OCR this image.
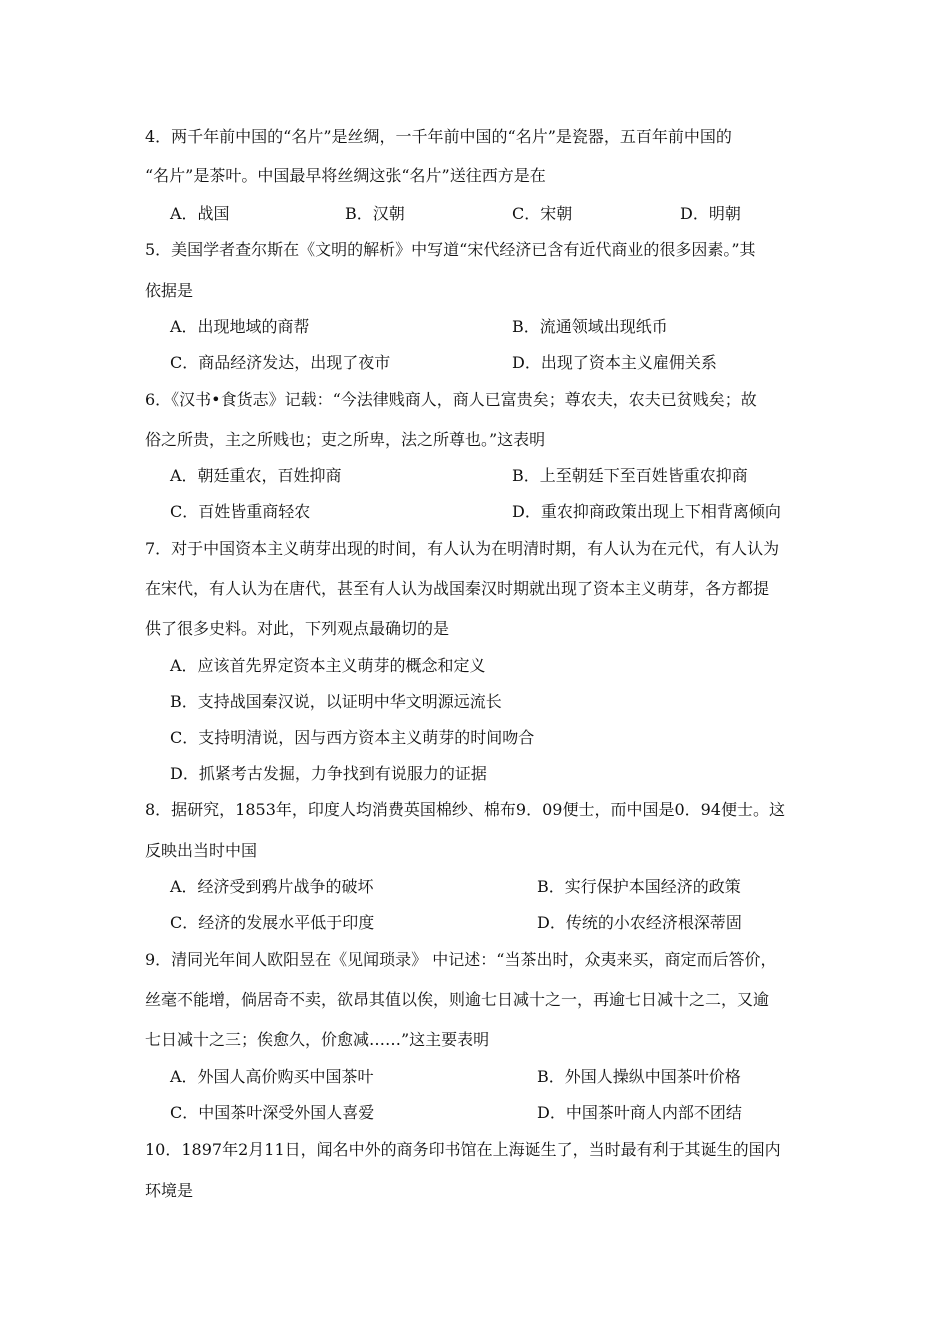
4．两千年前中国的“名片”是丝绸，一千年前中国的“名片”是瓷器，五百年前中国的
“名片”是茶叶。中国最早将丝绸这张“名片”送往西方是在
A．战国	B．汉朝	C．宋朝	D．明朝
5．美国学者查尔斯在《文明的解析》中写道“宋代经济已含有近代商业的很多因素。”其
依据是
A．出现地域的商帮	B．流通领域出现纸币
C．商品经济发达，出现了夜市	D．出现了资本主义雇佣关系
6．《汉书•食货志》记载：“今法律贱商人，商人已富贵矣；尊农夫，农夫已贫贱矣；故
俗之所贵，主之所贱也；吏之所卑，法之所尊也。”这表明
A．朝廷重农，百姓抑商	B．上至朝廷下至百姓皆重农抑商
C．百姓皆重商轻农	D．重农抑商政策出现上下相背离倾向
7．对于中国资本主义萌芽出现的时间，有人认为在明清时期，有人认为在元代，有人认为
在宋代，有人认为在唐代，甚至有人认为战国秦汉时期就出现了资本主义萌芽，各方都提
供了很多史料。对此，下列观点最确切的是
A．应该首先界定资本主义萌芽的概念和定义
B．支持战国秦汉说，以证明中华文明源远流长
C．支持明清说，因与西方资本主义萌芽的时间吻合
D．抓紧考古发掘，力争找到有说服力的证据
8．据研究，1853年，印度人均消费英国棉纱、棉布9．09便士，而中国是0．94便士。这
反映出当时中国
A．经济受到鸦片战争的破坏	B．实行保护本国经济的政策
C．经济的发展水平低于印度	D．传统的小农经济根深蒂固
9．清同光年间人欧阳昱在《见闻琐录》 中记述：“当茶出时，众夷来买，商定而后答价，
丝毫不能增，倘居奇不卖，欲昂其值以俟，则逾七日减十之一，再逾七日减十之二，又逾
七日减十之三；俟愈久，价愈减……”这主要表明
A．外国人高价购买中国茶叶	B．外国人操纵中国茶叶价格
C．中国茶叶深受外国人喜爱	D．中国茶叶商人内部不团结
10．1897年2月11日，闻名中外的商务印书馆在上海诞生了，当时最有利于其诞生的国内
环境是
